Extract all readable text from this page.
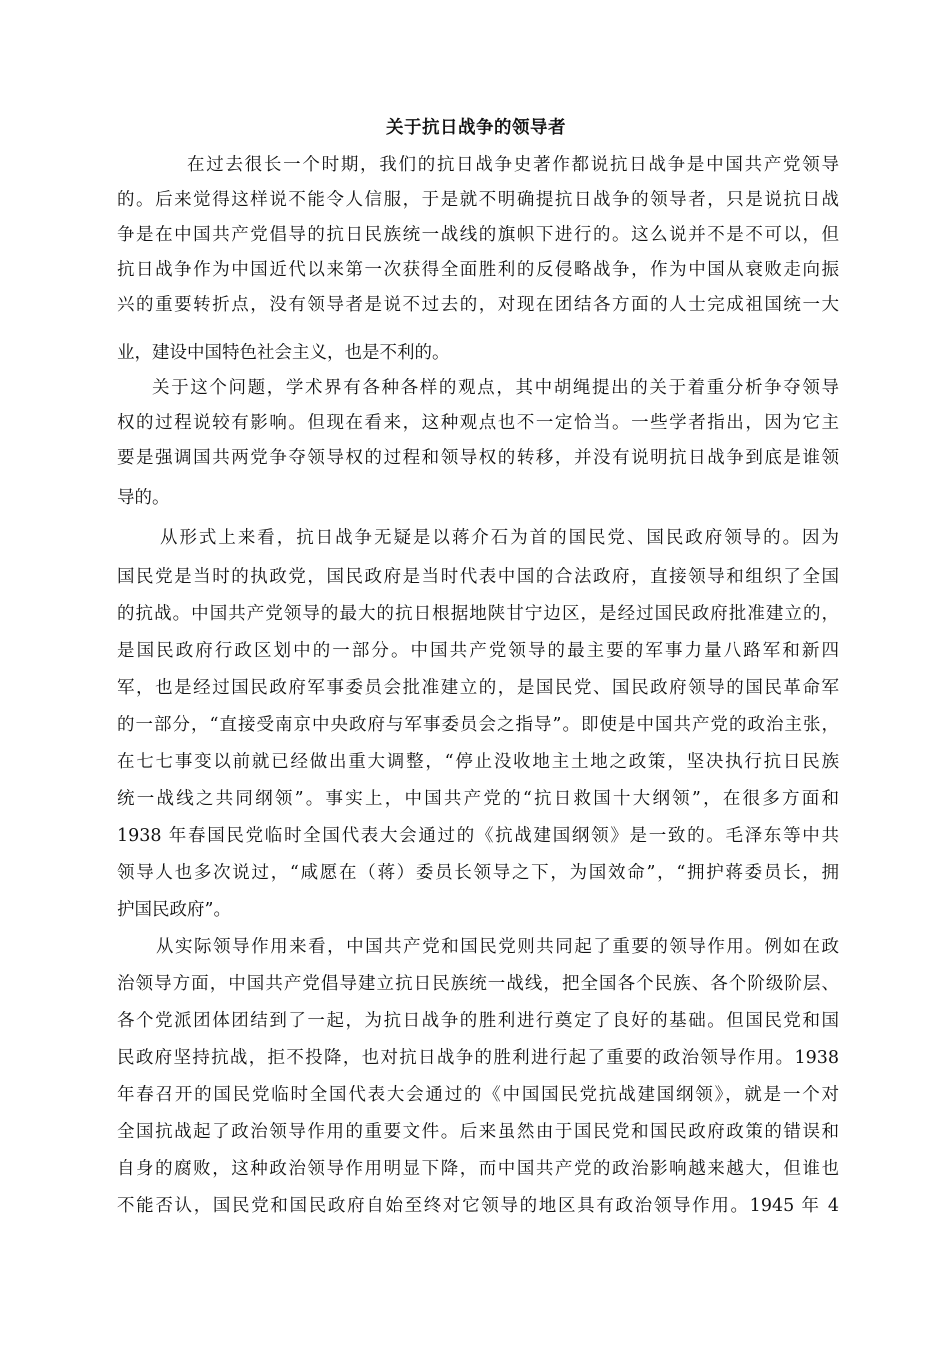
关于抗日战争的领导者
在过去很长一个时期，我们的抗日战争史著作都说抗日战争是中国共产党领导
的。后来觉得这样说不能令人信服，于是就不明确提抗日战争的领导者，只是说抗日战
争是在中国共产党倡导的抗日民族统一战线的旗帜下进行的。这么说并不是不可以，但
抗日战争作为中国近代以来第一次获得全面胜利的反侵略战争，作为中国从衰败走向振
兴的重要转折点，没有领导者是说不过去的，对现在团结各方面的人士完成祖国统一大
业，建设中国特色社会主义，也是不利的。
关于这个问题，学术界有各种各样的观点，其中胡绳提出的关于着重分析争夺领导
权的过程说较有影响。但现在看来，这种观点也不一定恰当。一些学者指出，因为它主
要是强调国共两党争夺领导权的过程和领导权的转移，并没有说明抗日战争到底是谁领
导的。
从形式上来看，抗日战争无疑是以蒋介石为首的国民党、国民政府领导的。因为
国民党是当时的执政党，国民政府是当时代表中国的合法政府，直接领导和组织了全国
的抗战。中国共产党领导的最大的抗日根据地陕甘宁边区，是经过国民政府批准建立的，
是国民政府行政区划中的一部分。中国共产党领导的最主要的军事力量八路军和新四
军，也是经过国民政府军事委员会批准建立的，是国民党、国民政府领导的国民革命军
的一部分，“直接受南京中央政府与军事委员会之指导”。即使是中国共产党的政治主张，
在七七事变以前就已经做出重大调整，“停止没收地主土地之政策，坚决执行抗日民族
统一战线之共同纲领”。事实上，中国共产党的“抗日救国十大纲领”，在很多方面和
1938 年春国民党临时全国代表大会通过的《抗战建国纲领》是一致的。毛泽东等中共
领导人也多次说过，“咸愿在（蒋）委员长领导之下，为国效命”，“拥护蒋委员长，拥
护国民政府”。
从实际领导作用来看，中国共产党和国民党则共同起了重要的领导作用。例如在政
治领导方面，中国共产党倡导建立抗日民族统一战线，把全国各个民族、各个阶级阶层、
各个党派团体团结到了一起，为抗日战争的胜利进行奠定了良好的基础。但国民党和国
民政府坚持抗战，拒不投降，也对抗日战争的胜利进行起了重要的政治领导作用。1938
年春召开的国民党临时全国代表大会通过的《中国国民党抗战建国纲领》，就是一个对
全国抗战起了政治领导作用的重要文件。后来虽然由于国民党和国民政府政策的错误和
自身的腐败，这种政治领导作用明显下降，而中国共产党的政治影响越来越大，但谁也
不能否认，国民党和国民政府自始至终对它领导的地区具有政治领导作用。1945 年 4
